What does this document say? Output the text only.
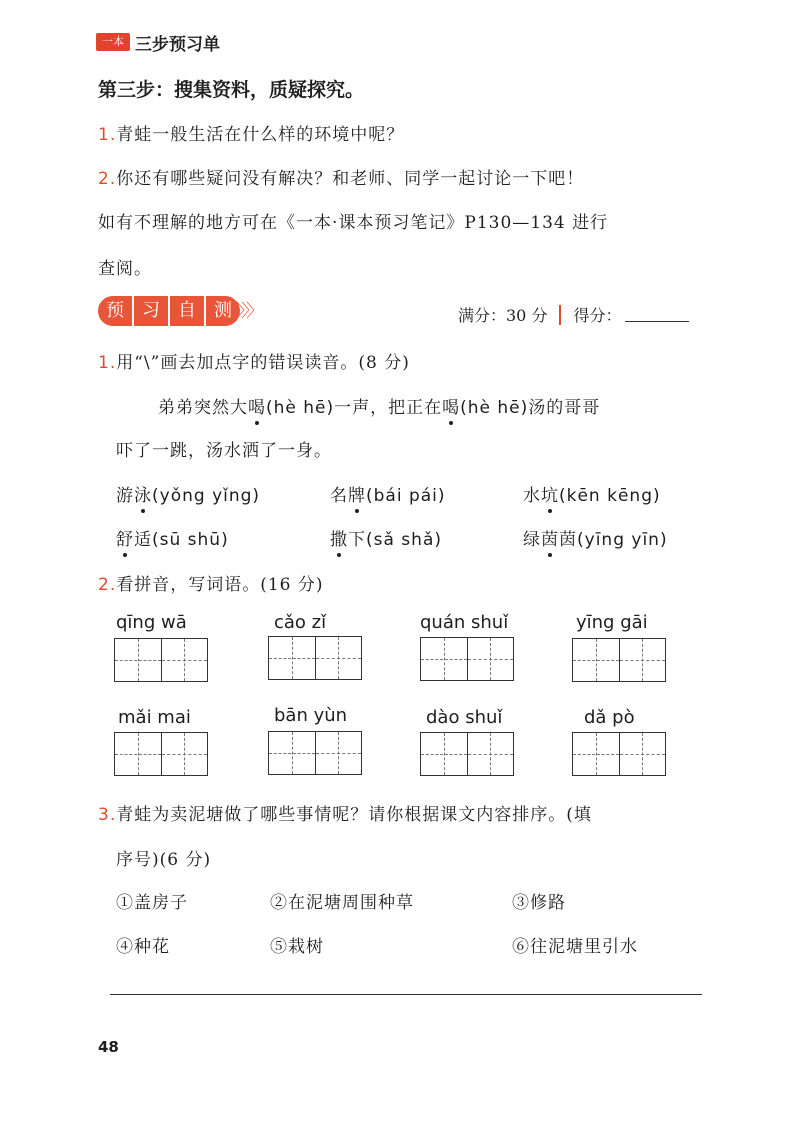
一本 三步预习单
第三步：搜集资料，质疑探究。
1.青蛙一般生活在什么样的环境中呢？
2.你还有哪些疑问没有解决？和老师、同学一起讨论一下吧！
如有不理解的地方可在《一本·课本预习笔记》P130—134 进行
查阅。
预	习	自	测 〉〉〉	满分：30 分 得分：
1.用“\”画去加点字的错误读音。(8 分)
弟弟突然大喝(hè hē)一声，把正在喝(hè hē)汤的哥哥
吓了一跳，汤水洒了一身。
游泳(yǒng yǐng)	名牌(bái pái)	水坑(kēn kēng)
舒适(sū shū)	撒下(sǎ shǎ)	绿茵茵(yīng yīn)
2.看拼音，写词语。(16 分)
qīng wā	cǎo zǐ	quán shuǐ	yīng gāi
mǎi mai	bān yùn	dào shuǐ	dǎ pò
3.青蛙为卖泥塘做了哪些事情呢？请你根据课文内容排序。(填
序号)(6 分)
①盖房子	②在泥塘周围种草	③修路
④种花	⑤栽树	⑥往泥塘里引水
48
